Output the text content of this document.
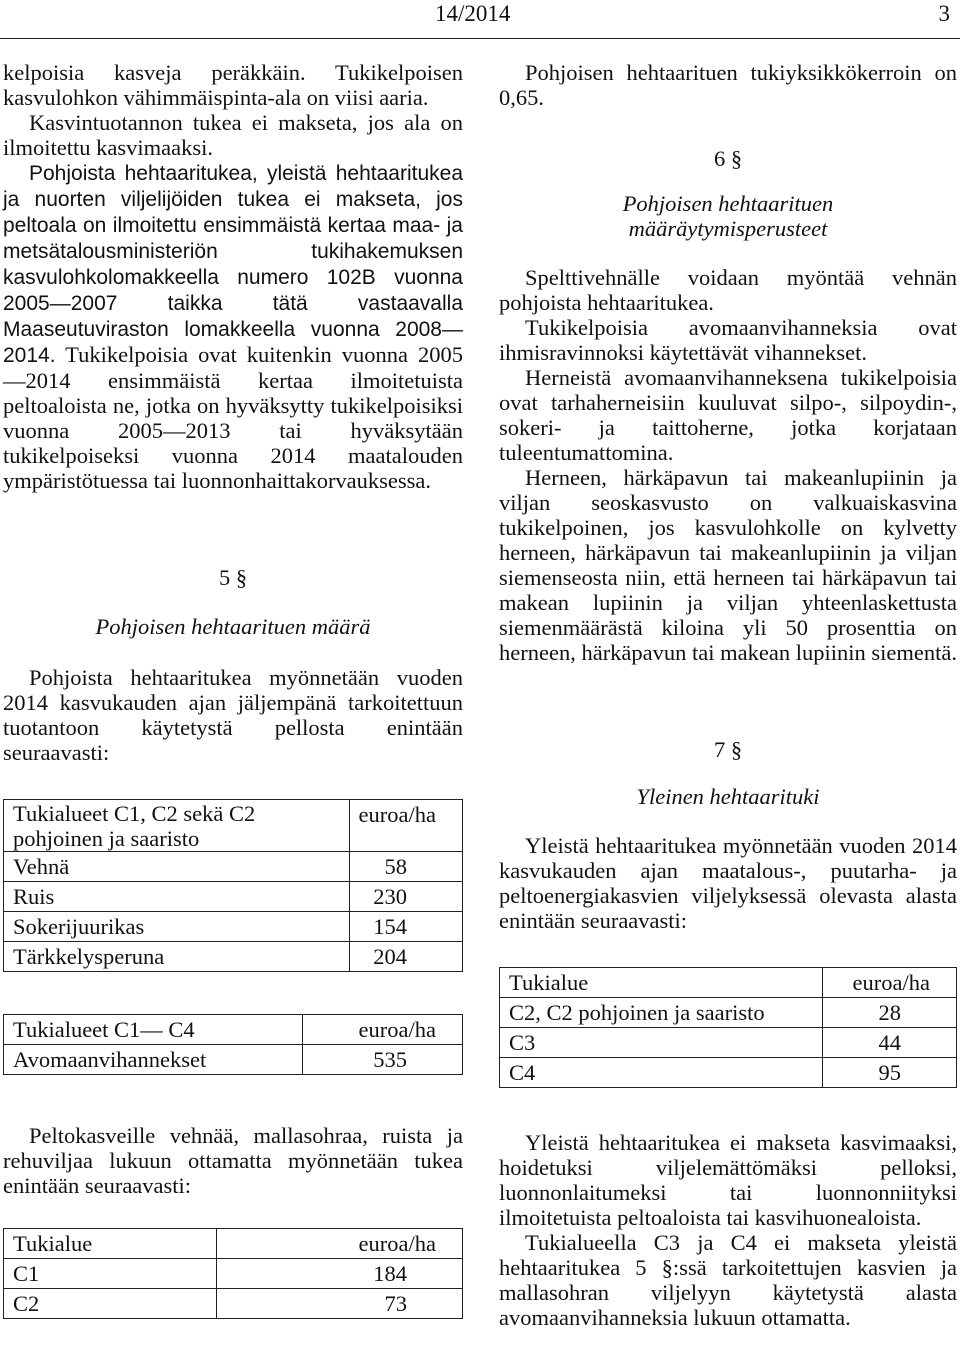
14/2014	3

kelpoisia kasveja peräkkäin. Tukikelpoisen kasvulohkon vähimmäispinta-ala on viisi aaria.

Kasvintuotannon tukea ei makseta, jos ala on ilmoitettu kasvimaaksi.

Pohjoista hehtaaritukea, yleistä hehtaaritukea ja nuorten viljelijöiden tukea ei makseta, jos peltoala on ilmoitettu ensimmäistä kertaa maa- ja metsätalousministeriön tukihakemuksen kasvulohkolomakkeella numero 102B vuonna 2005—2007 taikka tätä vastaavalla Maaseutuviraston lomakkeella vuonna 2008—2014. Tukikelpoisia ovat kuitenkin vuonna 2005—2014 ensimmäistä kertaa ilmoitetuista peltoaloista ne, jotka on hyväksytty tukikelpoisiksi vuonna 2005—2013 tai hyväksytään tukikelpoiseksi vuonna 2014 maatalouden ympäristötuessa tai luonnonhaittakorvauksessa.

5 §

Pohjoisen hehtaarituen määrä

Pohjoista hehtaaritukea myönnetään vuoden 2014 kasvukauden ajan jäljempänä tarkoitettuun tuotantoon käytetystä pellosta enintään seuraavasti:

Tukialueet C1, C2 sekä C2 pohjoinen ja saaristo	euroa/ha
Vehnä	58
Ruis	230
Sokerijuurikas	154
Tärkkelysperuna	204
Tukialueet C1— C4	euroa/ha
Avomaanvihannekset	535

Peltokasveille vehnää, mallasohraa, ruista ja rehuviljaa lukuun ottamatta myönnetään tukea enintään seuraavasti:

Tukialue	euroa/ha
C1	184
C2	73

Pohjoisen hehtaarituen tukiyksikkökerroin on 0,65.

6 §

Pohjoisen hehtaarituen
määräytymisperusteet

Spelttivehnälle voidaan myöntää vehnän pohjoista hehtaaritukea.

Tukikelpoisia avomaanvihanneksia ovat ihmisravinnoksi käytettävät vihannekset.

Herneistä avomaanvihanneksena tukikelpoisia ovat tarhaherneisiin kuuluvat silpo-, silpoydin-, sokeri- ja taittoherne, jotka korjataan tuleentumattomina.

Herneen, härkäpavun tai makeanlupiinin ja viljan seoskasvusto on valkuaiskasvina tukikelpoinen, jos kasvulohkolle on kylvetty herneen, härkäpavun tai makeanlupiinin ja viljan siemenseosta niin, että herneen tai härkäpavun tai makean lupiinin ja viljan yhteenlaskettusta siemenmäärästä kiloina yli 50 prosenttia on herneen, härkäpavun tai makean lupiinin siementä.

7 §

Yleinen hehtaarituki

Yleistä hehtaaritukea myönnetään vuoden 2014 kasvukauden ajan maatalous-, puutarha- ja peltoenergiakasvien viljelyksessä olevasta alasta enintään seuraavasti:

Tukialue	euroa/ha
C2, C2 pohjoinen ja saaristo	28
C3	44
C4	95

Yleistä hehtaaritukea ei makseta kasvimaaksi, hoidetuksi viljelemättömäksi pelloksi, luonnonlaitumeksi tai luonnonniityksi ilmoitetuista peltoaloista tai kasvihuonealoista.

Tukialueella C3 ja C4 ei makseta yleistä hehtaaritukea 5 §:ssä tarkoitettujen kasvien ja mallasohran viljelyyn käytetystä alasta avomaanvihanneksia lukuun ottamatta.
